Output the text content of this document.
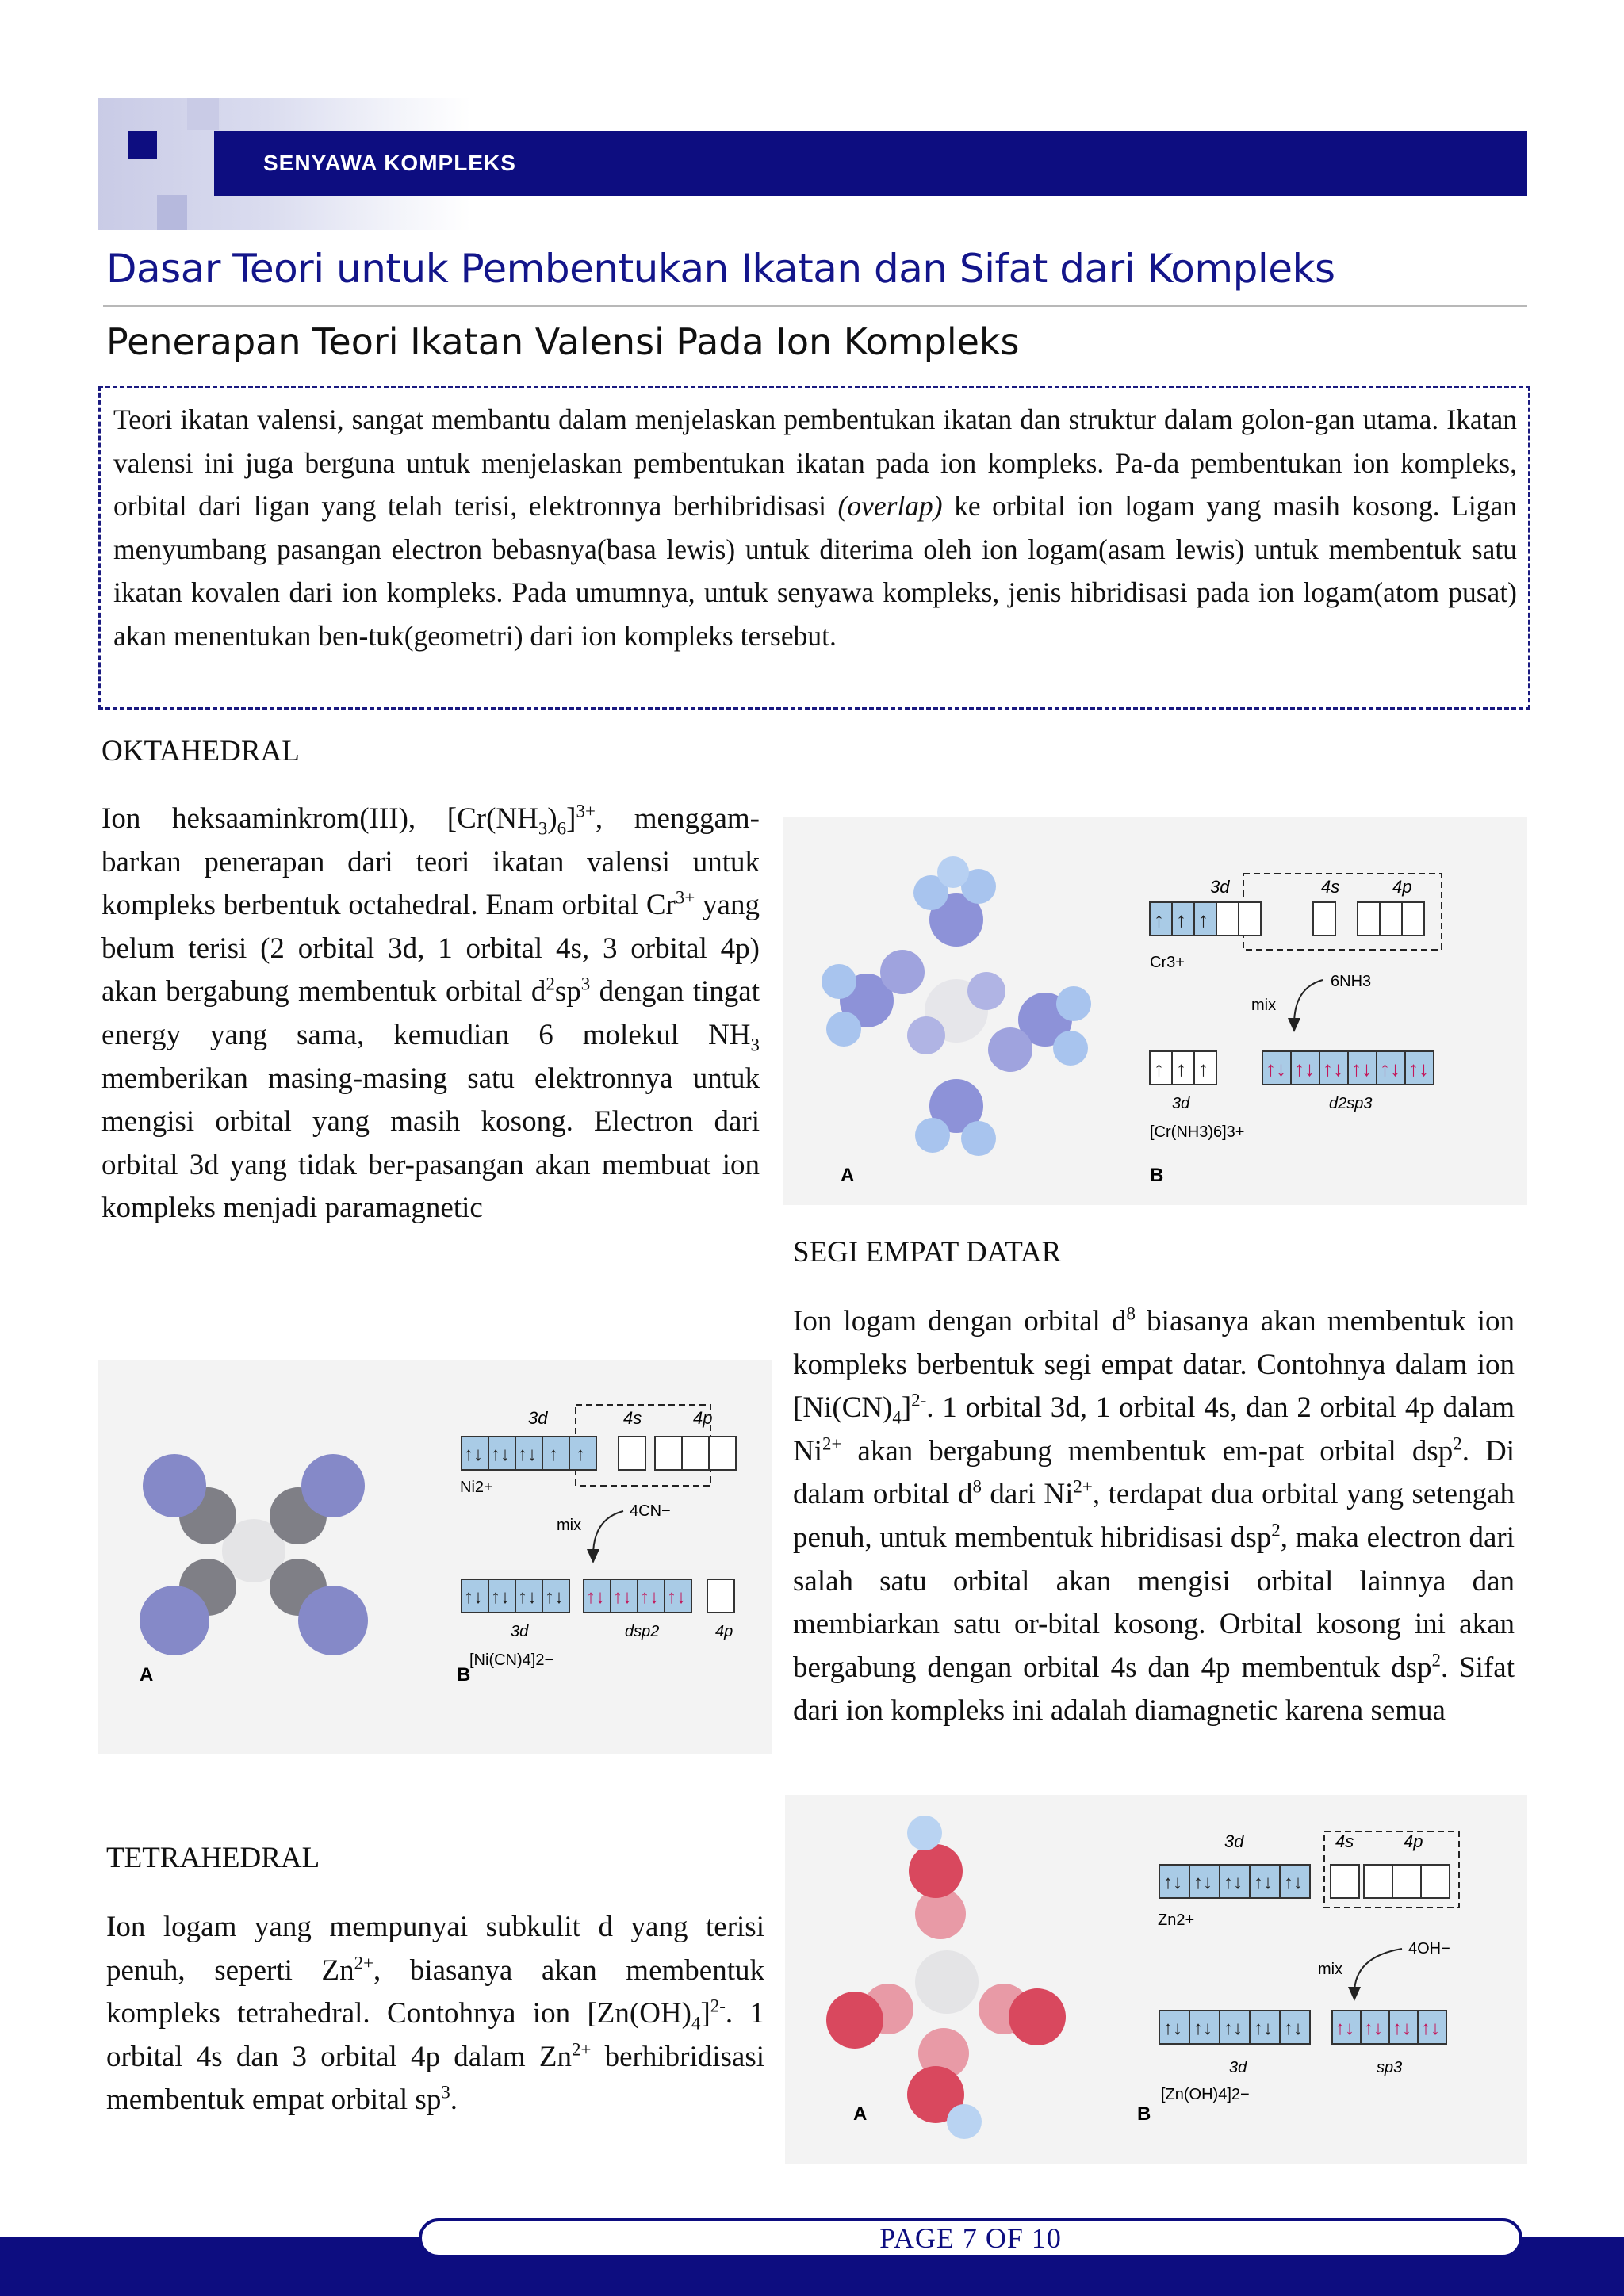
SENYAWA KOMPLEKS
Dasar Teori untuk Pembentukan Ikatan dan Sifat dari Kompleks
Penerapan Teori Ikatan Valensi Pada Ion Kompleks

Teori ikatan valensi, sangat membantu dalam menjelaskan pembentukan ikatan dan struktur dalam golon-gan utama. Ikatan valensi ini juga berguna untuk menjelaskan pembentukan ikatan pada ion kompleks. Pa-da pembentukan ion kompleks, orbital dari ligan yang telah terisi, elektronnya berhibridisasi (overlap) ke orbital ion logam yang masih kosong. Ligan menyumbang pasangan electron bebasnya(basa lewis) untuk diterima oleh ion logam(asam lewis) untuk membentuk satu ikatan kovalen dari ion kompleks. Pada umumnya, untuk senyawa kompleks, jenis hibridisasi pada ion logam(atom pusat) akan menentukan ben-tuk(geometri) dari ion kompleks tersebut.

OKTAHEDRAL
Ion heksaaminkrom(III), $[Cr(NH_3)_6]^{3+}$, menggam-barkan penerapan dari teori ikatan valensi untuk kompleks berbentuk octahedral. Enam orbital $Cr^{3+}$ yang belum terisi (2 orbital 3d, 1 orbital 4s, 3 orbital 4p) akan bergabung membentuk orbital $d^2sp^3$ dengan tingat energy yang sama, kemudian 6 molekul $NH_3$ memberikan masing-masing satu elektronnya untuk mengisi orbital yang masih kosong. Electron dari orbital 3d yang tidak ber-pasangan akan membuat ion kompleks menjadi paramagnetic
A	B
3d	4s	4p
↑ ↑ ↑
Cr3+
mix
6NH3
↑ ↑ ↑	↑↓ ↑↓ ↑↓ ↑↓ ↑↓ ↑↓
3d	d2sp3
[Cr(NH3)6]3+
SEGI EMPAT DATAR
Ion logam dengan orbital $d^8$ biasanya akan membentuk ion kompleks berbentuk segi empat datar. Contohnya dalam ion $[Ni(CN)_4]^{2-}$. 1 orbital 3d, 1 orbital 4s, dan 2 orbital 4p dalam $Ni^{2+}$ akan bergabung membentuk em-pat orbital dsp$^2$. Di dalam orbital $d^8$ dari $Ni^{2+}$, terdapat dua orbital yang setengah penuh, untuk membentuk hibridisasi dsp$^2$, maka electron dari salah satu orbital akan mengisi orbital lainnya dan membiarkan satu or-bital kosong. Orbital kosong ini akan bergabung dengan orbital 4s dan 4p membentuk dsp$^2$. Sifat dari ion kompleks ini adalah diamagnetic karena semua
A	B
3d	4s	4p
↑↓ ↑↓ ↑↓ ↑ ↑
Ni2+
mix
4CN−
↑↓ ↑↓ ↑↓ ↑↓ ↑↓ ↑↓ ↑↓ ↑↓
3d	dsp2	4p
[Ni(CN)4]2−
TETRAHEDRAL
Ion logam yang mempunyai subkulit d yang terisi penuh, seperti $Zn^{2+}$, biasanya akan membentuk kompleks tetrahedral. Contohnya ion $[Zn(OH)_4]^{2-}$. 1 orbital 4s dan 3 orbital 4p dalam $Zn^{2+}$ berhibridisasi membentuk empat orbital $sp^3$.	A	B
3d	4s	4p
↑↓ ↑↓ ↑↓ ↑↓ ↑↓
Zn2+
mix
4OH−
↑↓ ↑↓ ↑↓ ↑↓ ↑↓ ↑↓ ↑↓ ↑↓ ↑↓
3d	sp3
[Zn(OH)4]2−
PAGE 7 OF 10
